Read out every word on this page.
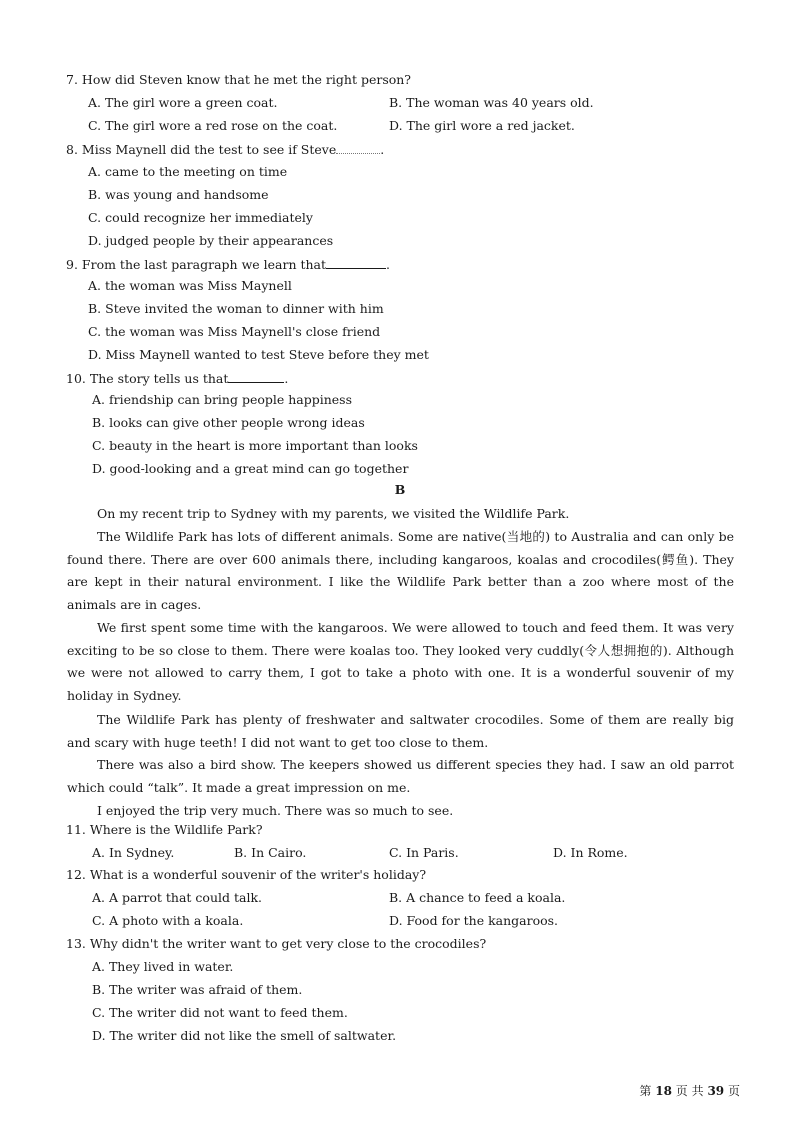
7. How did Steven know that he met the right person?
A. The girl wore a green coat.	B. The woman was 40 years old.
C. The girl wore a red rose on the coat.	D. The girl wore a red jacket.
8. Miss Maynell did the test to see if Steve	.
A. came to the meeting on time
B. was young and handsome
C. could recognize her immediately
D. judged people by their appearances
9. From the last paragraph we learn that	.
A. the woman was Miss Maynell
B. Steve invited the woman to dinner with him
C. the woman was Miss Maynell's close friend
D. Miss Maynell wanted to test Steve before they met
10. The story tells us that	.
A. friendship can bring people happiness
B. looks can give other people wrong ideas
C. beauty in the heart is more important than looks
D. good-looking and a great mind can go together
B
On my recent trip to Sydney with my parents, we visited the Wildlife Park.
The Wildlife Park has lots of different animals. Some are native(当地的) to Australia and can only be found there. There are over 600 animals there, including kangaroos, koalas and crocodiles(鳄鱼). They are kept in their natural environment. I like the Wildlife Park better than a zoo where most of the animals are in cages.
We first spent some time with the kangaroos. We were allowed to touch and feed them. It was very exciting to be so close to them. There were koalas too. They looked very cuddly(令人想拥抱的). Although we were not allowed to carry them, I got to take a photo with one. It is a wonderful souvenir of my holiday in Sydney.
The Wildlife Park has plenty of freshwater and saltwater crocodiles. Some of them are really big and scary with huge teeth! I did not want to get too close to them.
There was also a bird show. The keepers showed us different species they had. I saw an old parrot which could “talk”. It made a great impression on me.
I enjoyed the trip very much. There was so much to see.
11. Where is the Wildlife Park?
A. In Sydney.	B. In Cairo.	C. In Paris.	D. In Rome.
12. What is a wonderful souvenir of the writer's holiday?
A. A parrot that could talk.	B. A chance to feed a koala.
C. A photo with a koala.	D. Food for the kangaroos.
13. Why didn't the writer want to get very close to the crocodiles?
A. They lived in water.
B. The writer was afraid of them.
C. The writer did not want to feed them.
D. The writer did not like the smell of saltwater.
第 18 页 共 39 页
